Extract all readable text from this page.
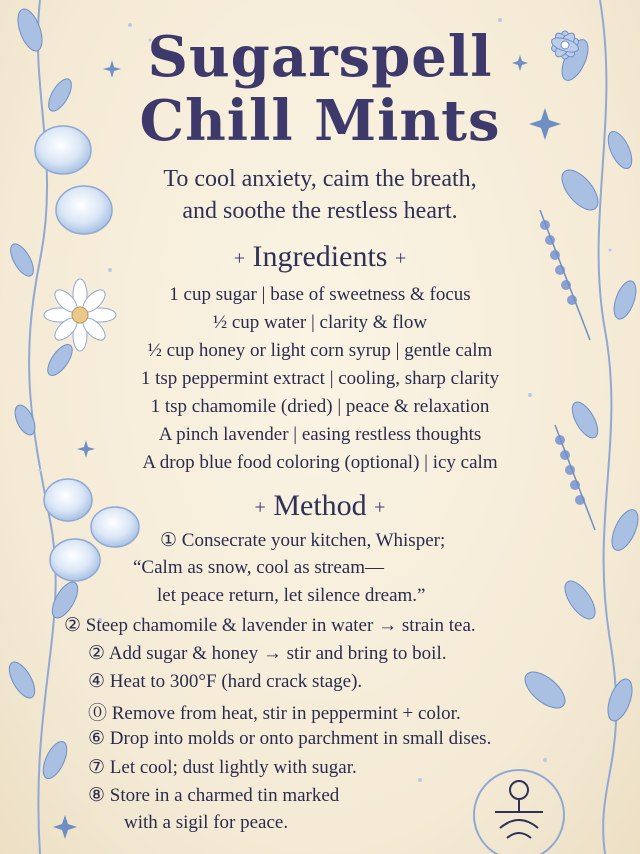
Sugarspell
Chill Mints
To cool anxiety, caim the breath,
and soothe the restless heart.
+ Ingredients +
1 cup sugar | base of sweetness & focus
½ cup water | clarity & flow
½ cup honey or light corn syrup | gentle calm
1 tsp peppermint extract | cooling, sharp clarity
1 tsp chamomile (dried) | peace & relaxation
A pinch lavender | easing restless thoughts
A drop blue food coloring (optional) | icy calm
+ Method +
① Consecrate your kitchen, Whisper;
“Calm as snow, cool as stream—
let peace return, let silence dream.”
② Steep chamomile & lavender in water → strain tea.
② Add sugar & honey → stir and bring to boil.
④ Heat to 300°F (hard crack stage).
⓪ Remove from heat, stir in peppermint + color.
⑥ Drop into molds or onto parchment in small dises.
⑦ Let cool; dust lightly with sugar.
⑧ Store in a charmed tin marked
with a sigil for peace.
